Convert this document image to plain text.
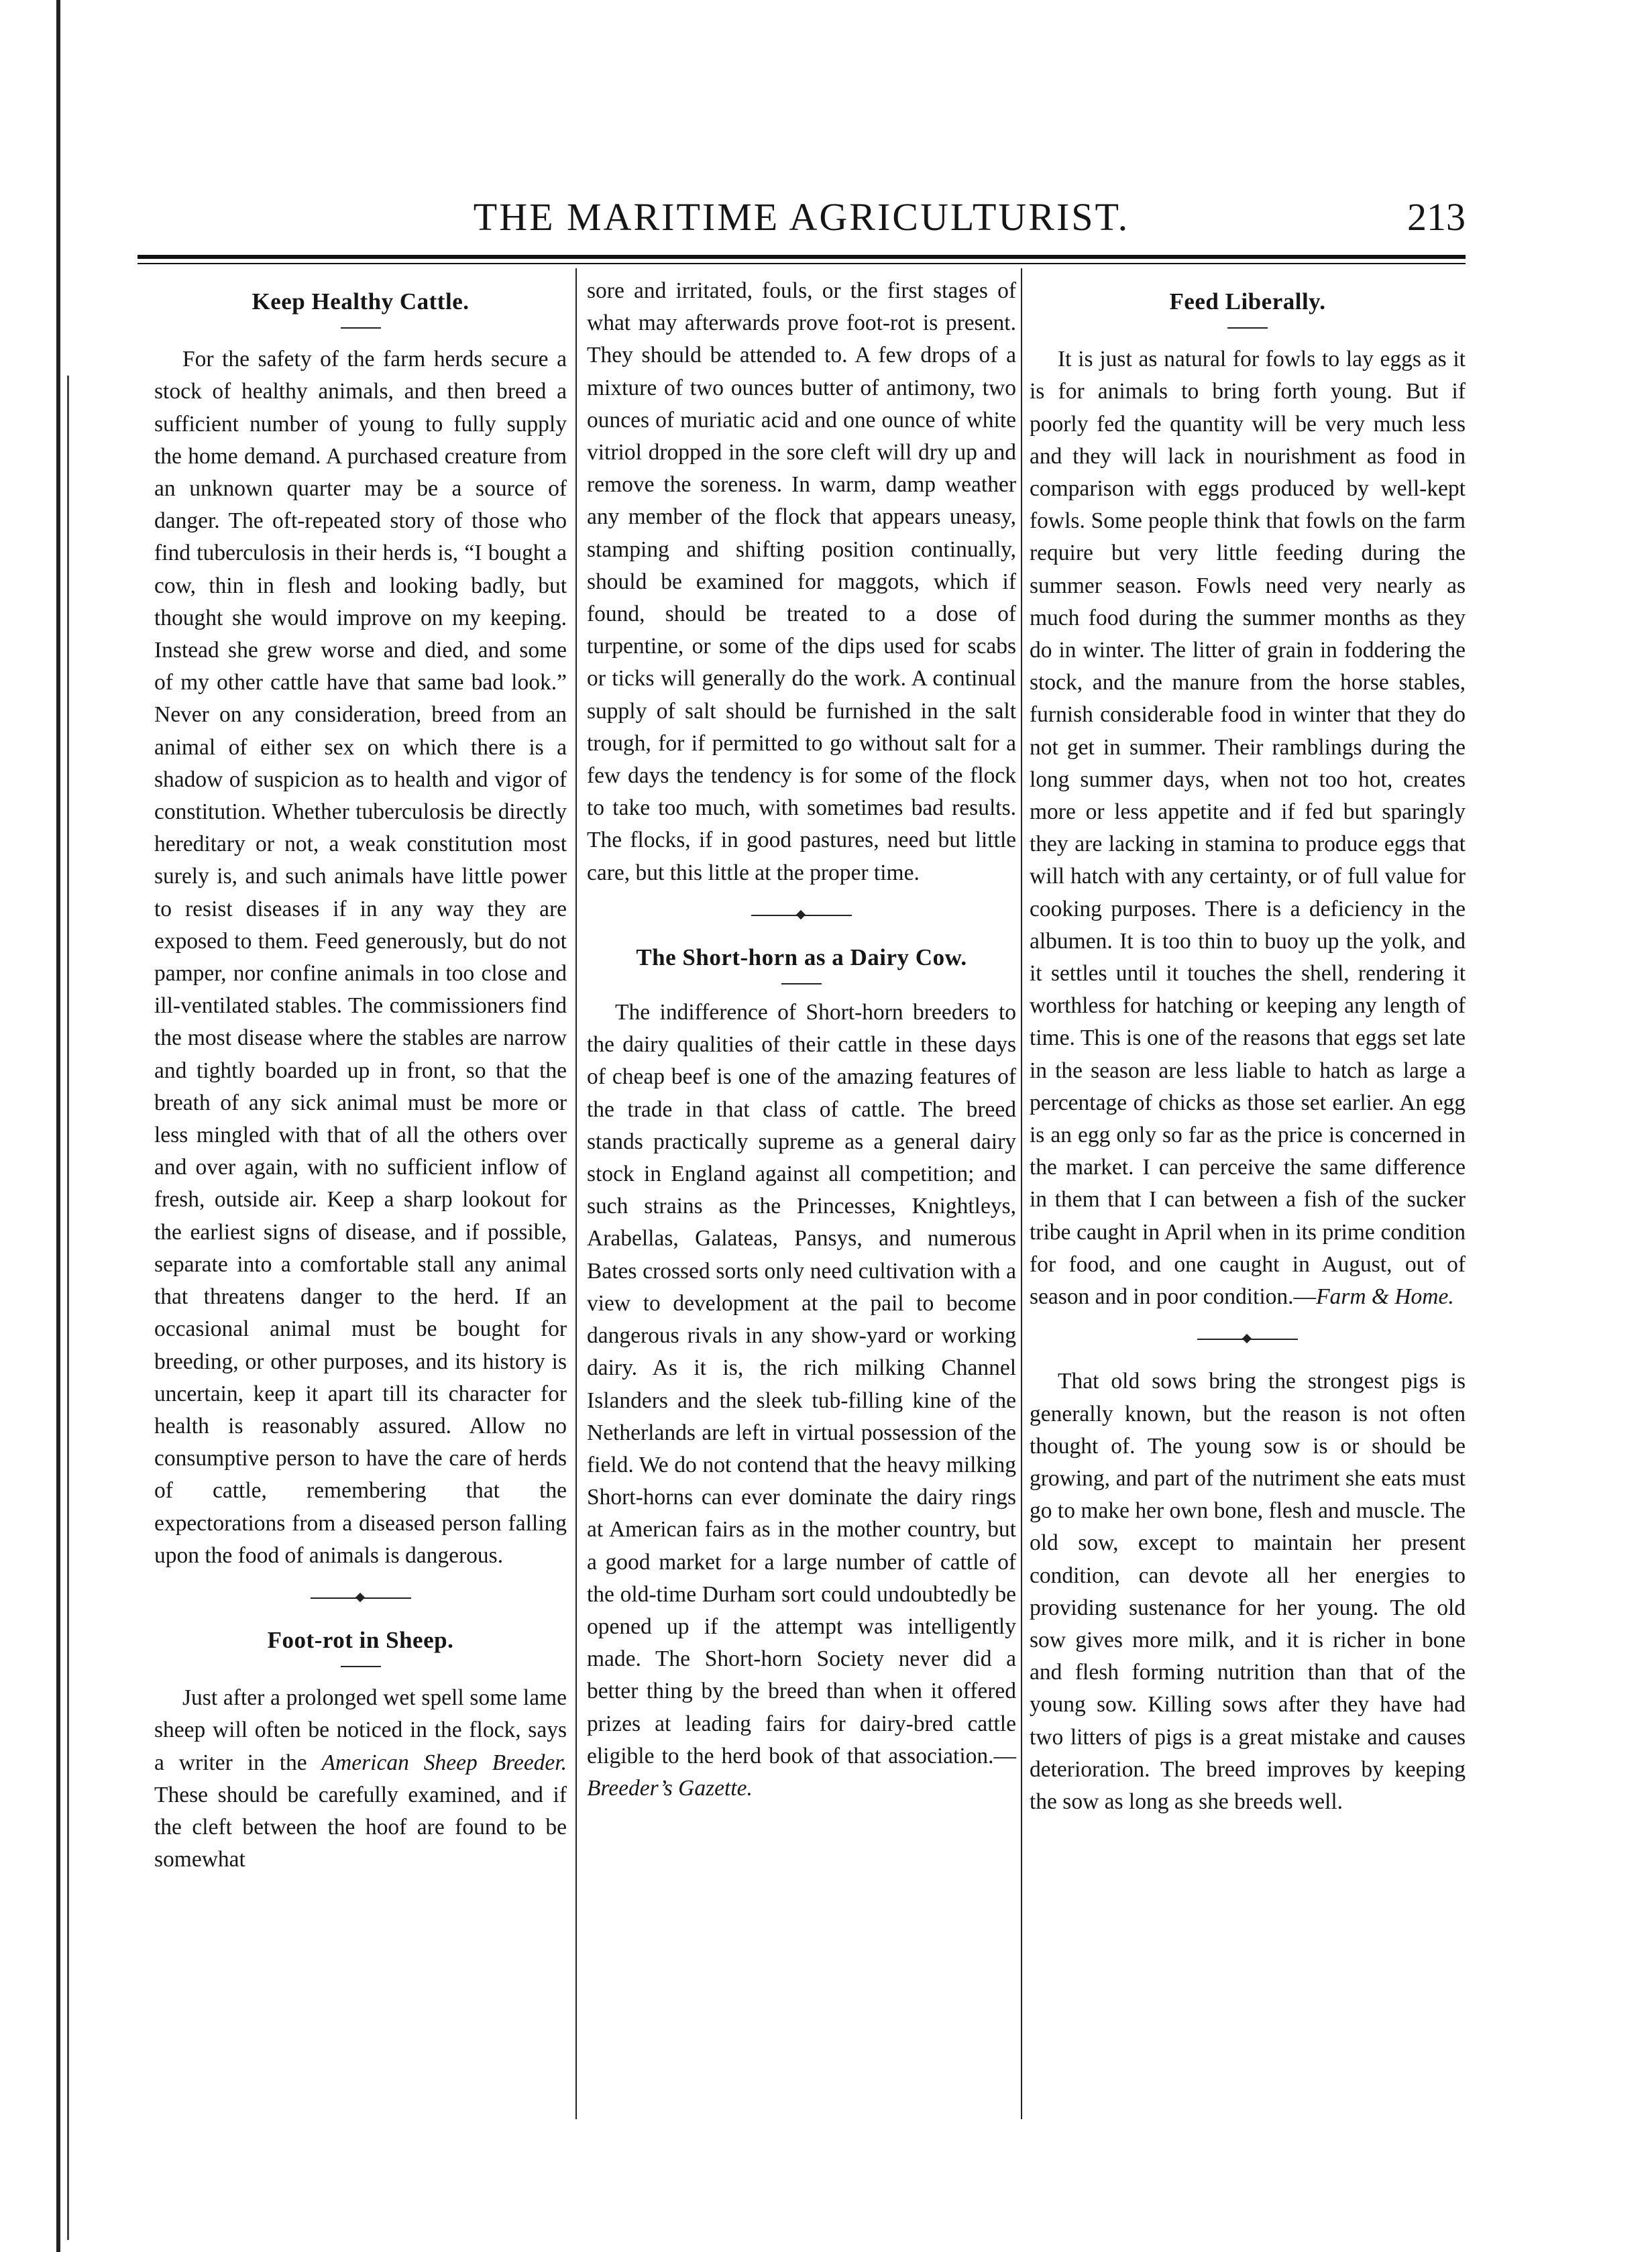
THE MARITIME AGRICULTURIST.	213
Keep Healthy Cattle.

For the safety of the farm herds secure a stock of healthy animals, and then breed a sufficient number of young to fully supply the home demand. A purchased creature from an unknown quarter may be a source of danger. The oft-repeated story of those who find tuberculosis in their herds is, “I bought a cow, thin in flesh and looking badly, but thought she would improve on my keeping. Instead she grew worse and died, and some of my other cattle have that same bad look.” Never on any consideration, breed from an animal of either sex on which there is a shadow of suspicion as to health and vigor of constitution. Whether tuberculosis be directly hereditary or not, a weak constitution most surely is, and such animals have little power to resist diseases if in any way they are exposed to them. Feed generously, but do not pamper, nor confine animals in too close and ill-ventilated stables. The commissioners find the most disease where the stables are narrow and tightly boarded up in front, so that the breath of any sick animal must be more or less mingled with that of all the others over and over again, with no sufficient inflow of fresh, outside air. Keep a sharp lookout for the earliest signs of disease, and if possible, separate into a comfortable stall any animal that threatens danger to the herd. If an occasional animal must be bought for breeding, or other purposes, and its history is uncertain, keep it apart till its character for health is reasonably assured. Allow no consumptive person to have the care of herds of cattle, remembering that the expectorations from a diseased person falling upon the food of animals is dangerous.

Foot-rot in Sheep.

Just after a prolonged wet spell some lame sheep will often be noticed in the flock, says a writer in the American Sheep Breeder. These should be carefully examined, and if the cleft between the hoof are found to be somewhat

sore and irritated, fouls, or the first stages of what may afterwards prove foot-rot is present. They should be attended to. A few drops of a mixture of two ounces butter of antimony, two ounces of muriatic acid and one ounce of white vitriol dropped in the sore cleft will dry up and remove the soreness. In warm, damp weather any member of the flock that appears uneasy, stamping and shifting position continually, should be examined for maggots, which if found, should be treated to a dose of turpentine, or some of the dips used for scabs or ticks will generally do the work. A continual supply of salt should be furnished in the salt trough, for if permitted to go without salt for a few days the tendency is for some of the flock to take too much, with sometimes bad results. The flocks, if in good pastures, need but little care, but this little at the proper time.

The Short-horn as a Dairy Cow.

The indifference of Short-horn breeders to the dairy qualities of their cattle in these days of cheap beef is one of the amazing features of the trade in that class of cattle. The breed stands practically supreme as a general dairy stock in England against all competition; and such strains as the Princesses, Knightleys, Arabellas, Galateas, Pansys, and numerous Bates crossed sorts only need cultivation with a view to development at the pail to become dangerous rivals in any show-yard or working dairy. As it is, the rich milking Channel Islanders and the sleek tub-filling kine of the Netherlands are left in virtual possession of the field. We do not contend that the heavy milking Short-horns can ever dominate the dairy rings at American fairs as in the mother country, but a good market for a large number of cattle of the old-time Durham sort could undoubtedly be opened up if the attempt was intelligently made. The Short-horn Society never did a better thing by the breed than when it offered prizes at leading fairs for dairy-bred cattle eligible to the herd book of that association.—Breeder’s Gazette.

Feed Liberally.

It is just as natural for fowls to lay eggs as it is for animals to bring forth young. But if poorly fed the quantity will be very much less and they will lack in nourishment as food in comparison with eggs produced by well-kept fowls. Some people think that fowls on the farm require but very little feeding during the summer season. Fowls need very nearly as much food during the summer months as they do in winter. The litter of grain in foddering the stock, and the manure from the horse stables, furnish considerable food in winter that they do not get in summer. Their ramblings during the long summer days, when not too hot, creates more or less appetite and if fed but sparingly they are lacking in stamina to produce eggs that will hatch with any certainty, or of full value for cooking purposes. There is a deficiency in the albumen. It is too thin to buoy up the yolk, and it settles until it touches the shell, rendering it worthless for hatching or keeping any length of time. This is one of the reasons that eggs set late in the season are less liable to hatch as large a percentage of chicks as those set earlier. An egg is an egg only so far as the price is concerned in the market. I can perceive the same difference in them that I can between a fish of the sucker tribe caught in April when in its prime condition for food, and one caught in August, out of season and in poor condition.—Farm & Home.

That old sows bring the strongest pigs is generally known, but the reason is not often thought of. The young sow is or should be growing, and part of the nutriment she eats must go to make her own bone, flesh and muscle. The old sow, except to maintain her present condition, can devote all her energies to providing sustenance for her young. The old sow gives more milk, and it is richer in bone and flesh forming nutrition than that of the young sow. Killing sows after they have had two litters of pigs is a great mistake and causes deterioration. The breed improves by keeping the sow as long as she breeds well.
